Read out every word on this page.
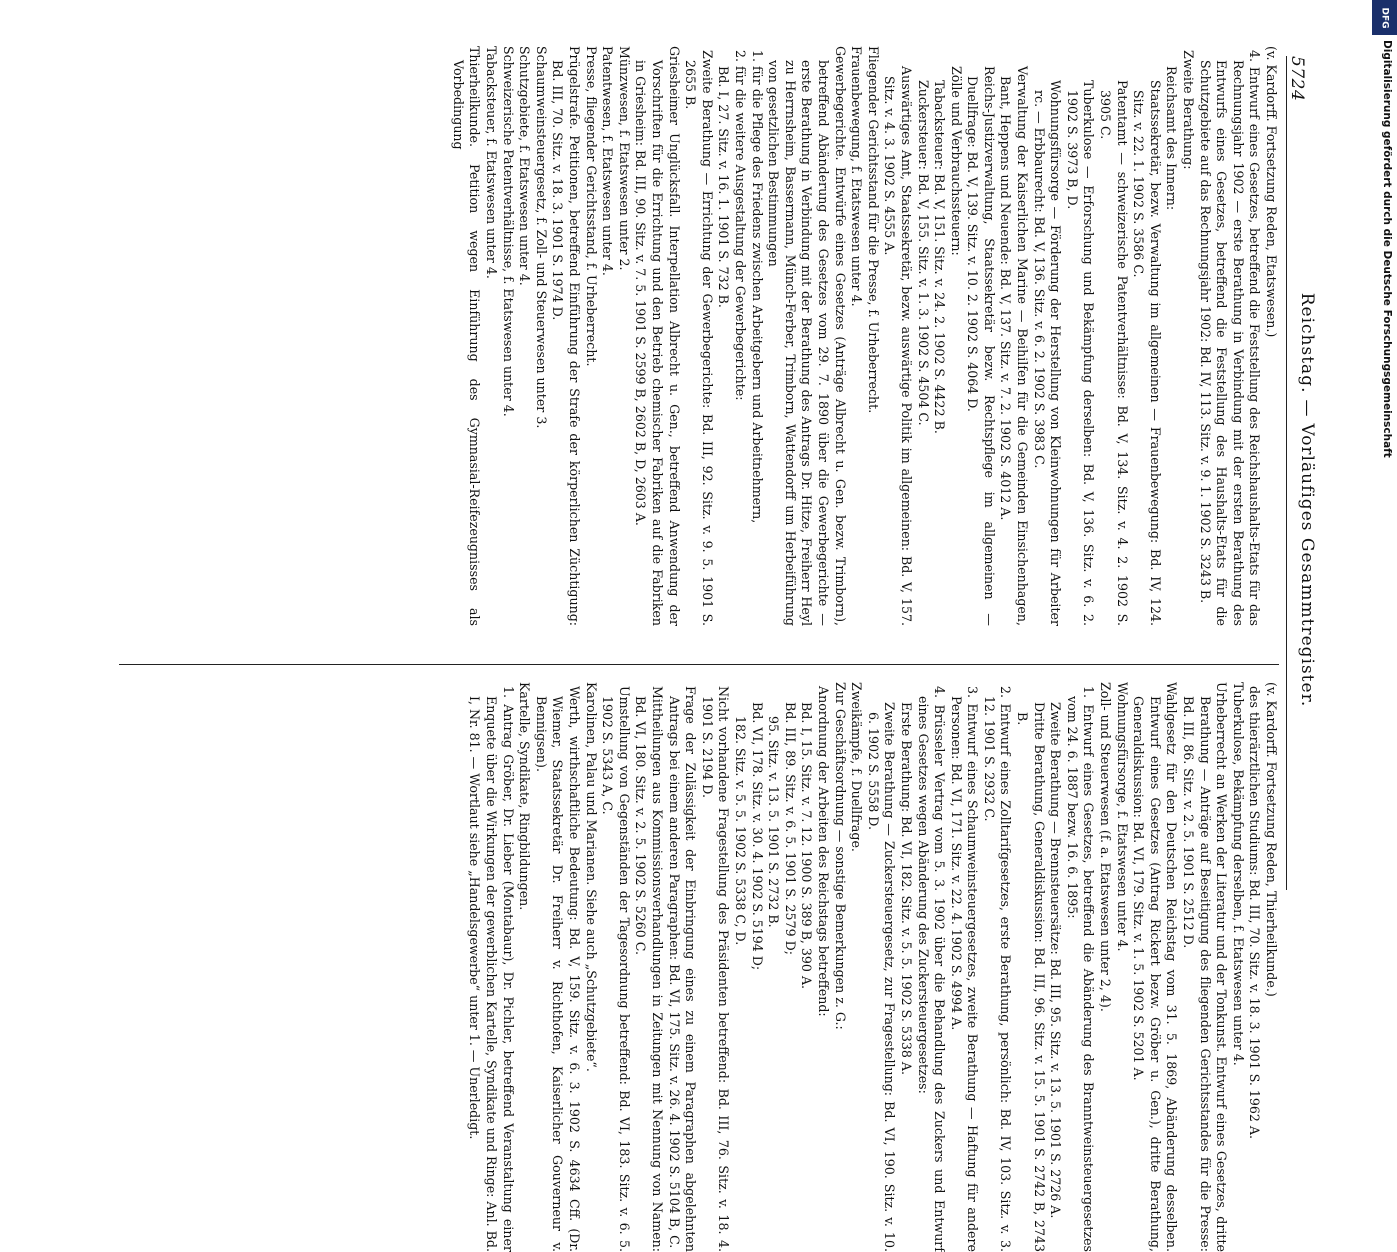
5724
Reichstag.—Vorläufiges Gesammtregister.

(v. Kardorff. Fortsetzung Reden, Etatswesen.)

4. Entwurf eines Gesetzes, betreffend die Feststellung des Reichshaushalts-Etats für das Rechnungsjahr 1902 — erste Berathung in Verbindung mit der ersten Berathung des Entwurfs eines Gesetzes, betreffend die Feststellung des Haushalts-Etats für die Schutzgebiete auf das Rechnungsjahr 1902: Bd. IV, 113. Sitz. v. 9. 1. 1902 S. 3243 B.

Zweite Berathung:

Reichsamt des Innern:

Staatssekretär, bezw. Verwaltung im allgemeinen — Frauenbewegung: Bd. IV, 124. Sitz. v. 22. 1. 1902 S. 3586 C.

Patentamt — schweizerische Patentverhältnisse: Bd. V, 134. Sitz. v. 4. 2. 1902 S. 3905 C.

Tuberkulose — Erforschung und Bekämpfung derselben: Bd. V, 136. Sitz. v. 6. 2. 1902 S. 3973 B, D.

Wohnungsfürsorge — Förderung der Herstellung von Kleinwohnungen für Arbeiter rc. — Erbbaurecht: Bd. V, 136. Sitz. v. 6. 2. 1902 S. 3983 C.

Verwaltung der Kaiserlichen Marine — Beihilfen für die Gemeinden Einsichenhagen, Bant, Heppens und Neuende: Bd. V, 137. Sitz. v. 7. 2. 1902 S. 4012 A.

Reichs-Justizverwaltung, Staatssekretär bezw. Rechtspflege im allgemeinen — Duellfrage: Bd. V, 139. Sitz. v. 10. 2. 1902 S. 4064 D.

Zölle und Verbrauchssteuern:

Tabacksteuer: Bd. V, 151. Sitz. v. 24. 2. 1902 S. 4422 B.

Zuckersteuer: Bd. V, 155. Sitz. v. 1. 3. 1902 S. 4504 C.

Auswärtiges Amt, Staatssekretär, bezw. auswärtige Politik im allgemeinen: Bd. V, 157. Sitz. v. 4. 3. 1902 S. 4555 A.

Fliegender Gerichtsstand für die Presse, f. Urheberrecht.

Frauenbewegung, f. Etatswesen unter 4.

Gewerbegerichte. Entwürfe eines Gesetzes (Anträge Albrecht u. Gen. bezw. Trimborn), betreffend Abänderung des Gesetzes vom 29. 7. 1890 über die Gewerbegerichte — erste Berathung in Verbindung mit der Berathung des Antrags Dr. Hitze, Freiherr Heyl zu Herrnsheim, Bassermann, Münch-Ferber, Trimborn, Wattendorff um Herbeiführung von gesetzlichen Bestimmungen

1. für die Pflege des Friedens zwischen Arbeitgebern und Arbeitnehmern,

2. für die weitere Ausgestaltung der Gewerbegerichte:

Bd. I, 27. Sitz. v. 16. 1. 1901 S. 732 B.

Zweite Berathung — Errichtung der Gewerbegerichte: Bd. III, 92. Sitz. v. 9. 5. 1901 S. 2655 B.

Griesheimer Unglücksfall. Interpellation Albrecht u. Gen., betreffend Anwendung der Vorschriften für die Errichtung und den Betrieb chemischer Fabriken auf die Fabriken in Griesheim: Bd. III, 90. Sitz. v. 7. 5. 1901 S. 2599 B, 2602 B, D, 2603 A.

Münzwesen, f. Etatswesen unter 2.

Patentwesen, f. Etatswesen unter 4.

Presse, fliegender Gerichtsstand, f. Urheberrecht.

Prügelstrafe. Petitionen, betreffend Einführung der Strafe der körperlichen Züchtigung: Bd. III, 70. Sitz. v. 18. 3. 1901 S. 1974 D.

Schaumweinsteuergesetz, f. Zoll- und Steuerwesen unter 3.

Schutzgebiete, f. Etatswesen unter 4.

Schweizerische Patentverhältnisse, f. Etatswesen unter 4.

Tabacksteuer, f. Etatswesen unter 4.

Thierheilkunde. Petition wegen Einführung des Gymnasial-Reifezeugnisses als Vorbedingung

(v. Kardorff. Fortsetzung Reden, Thierheilkunde.)

des thierärztlichen Studiums: Bd. III, 70. Sitz. v. 18. 3. 1901 S. 1962 A.

Tuberkulose, Bekämpfung derselben, f. Etatswesen unter 4.

Urheberrecht an Werken der Literatur und der Tonkunst. Entwurf eines Gesetzes, dritte Berathung — Anträge auf Beseitigung des fliegenden Gerichtsstandes für die Presse: Bd. III, 86. Sitz. v. 2. 5. 1901 S. 2512 D.

Wahlgesetz für den Deutschen Reichstag vom 31. 5. 1869, Abänderung desselben. Entwurf eines Gesetzes (Antrag Rickert bezw. Gröber u. Gen.), dritte Berathung, Generaldiskussion: Bd. VI, 179. Sitz. v. 1. 5. 1902 S. 5201 A.

Wohnungsfürsorge, f. Etatswesen unter 4.

Zoll- und Steuerwesen (f. a. Etatswesen unter 2, 4).

1. Entwurf eines Gesetzes, betreffend die Abänderung des Branntweinsteuergesetzes vom 24. 6. 1887 bezw. 16. 6. 1895:

Zweite Berathung — Brennsteuersätze: Bd. III, 95. Sitz. v. 13. 5. 1901 S. 2726 A.

Dritte Berathung, Generaldiskussion: Bd. III, 96. Sitz. v. 15. 5. 1901 S. 2742 B, 2743 B.

2. Entwurf eines Zolltarifgesetzes, erste Berathung, persönlich: Bd. IV, 103. Sitz. v. 3. 12. 1901 S. 2932 C.

3. Entwurf eines Schaumweinsteuergesetzes, zweite Berathung — Haftung für andere Personen: Bd. VI, 171. Sitz. v. 22. 4. 1902 S. 4994 A.

4. Brüsseler Vertrag vom 5. 3. 1902 über die Behandlung des Zuckers und Entwurf eines Gesetzes wegen Abänderung des Zuckersteuergesetzes:

Erste Berathung: Bd. VI, 182. Sitz. v. 5. 5. 1902 S. 5338 A.

Zweite Berathung — Zuckersteuergesetz, zur Fragestellung: Bd. VI, 190. Sitz. v. 10. 6. 1902 S. 5558 D.

Zweikämpfe, f. Duellfrage.

Zur Geschäftsordnung — sonstige Bemerkungen z. G.:

Anordnung der Arbeiten des Reichstags betreffend:

Bd. I, 15. Sitz. v. 7. 12. 1900 S. 389 B, 390 A.

Bd. III, 89. Sitz. v. 6. 5. 1901 S. 2579 D;

95. Sitz. v. 13. 5. 1901 S. 2732 B.

Bd. VI, 178. Sitz. v. 30. 4. 1902 S. 5194 D;

182. Sitz. v. 5. 5. 1902 S. 5338 C, D.

Nicht vorhandene Fragestellung des Präsidenten betreffend: Bd. III, 76. Sitz. v. 18. 4. 1901 S. 2194 D.

Frage der Zulässigkeit der Einbringung eines zu einem Paragraphen abgelehnten Antrags bei einem anderen Paragraphen: Bd. VI, 175. Sitz. v. 26. 4. 1902 S. 5104 B, C.

Mittheilungen aus Kommissionsverhandlungen in Zeitungen mit Nennung von Namen: Bd. VI, 180. Sitz. v. 2. 5. 1902 S. 5260 C.

Umstellung von Gegenständen der Tagesordnung betreffend: Bd. VI, 183. Sitz. v. 6. 5. 1902 S. 5343 A, C.

Karolinen, Palau und Marianen. Siehe auch „Schutzgebiete“.

Werth, wirthschaftliche Bedeutung: Bd. V, 159. Sitz. v. 6. 3. 1902 S. 4634 Cff. (Dr. Wiemer, Staatssekretär Dr. Freiherr v. Richthofen, Kaiserlicher Gouverneur v. Bennigsen).

Kartelle, Syndikate, Ringbildungen.

1. Antrag Gröber, Dr. Lieber (Montabaur), Dr. Pichler, betreffend Veranstaltung einer Enquete über die Wirkungen der gewerblichen Kartelle, Syndikate und Ringe: Anl. Bd. I, Nr. 81. — Wortlaut siehe „Handelsgewerbe“ unter 1. — Unerledigt.

DFG
Digitalisierung gefördert durch die Deutsche Forschungsgemeinschaft
